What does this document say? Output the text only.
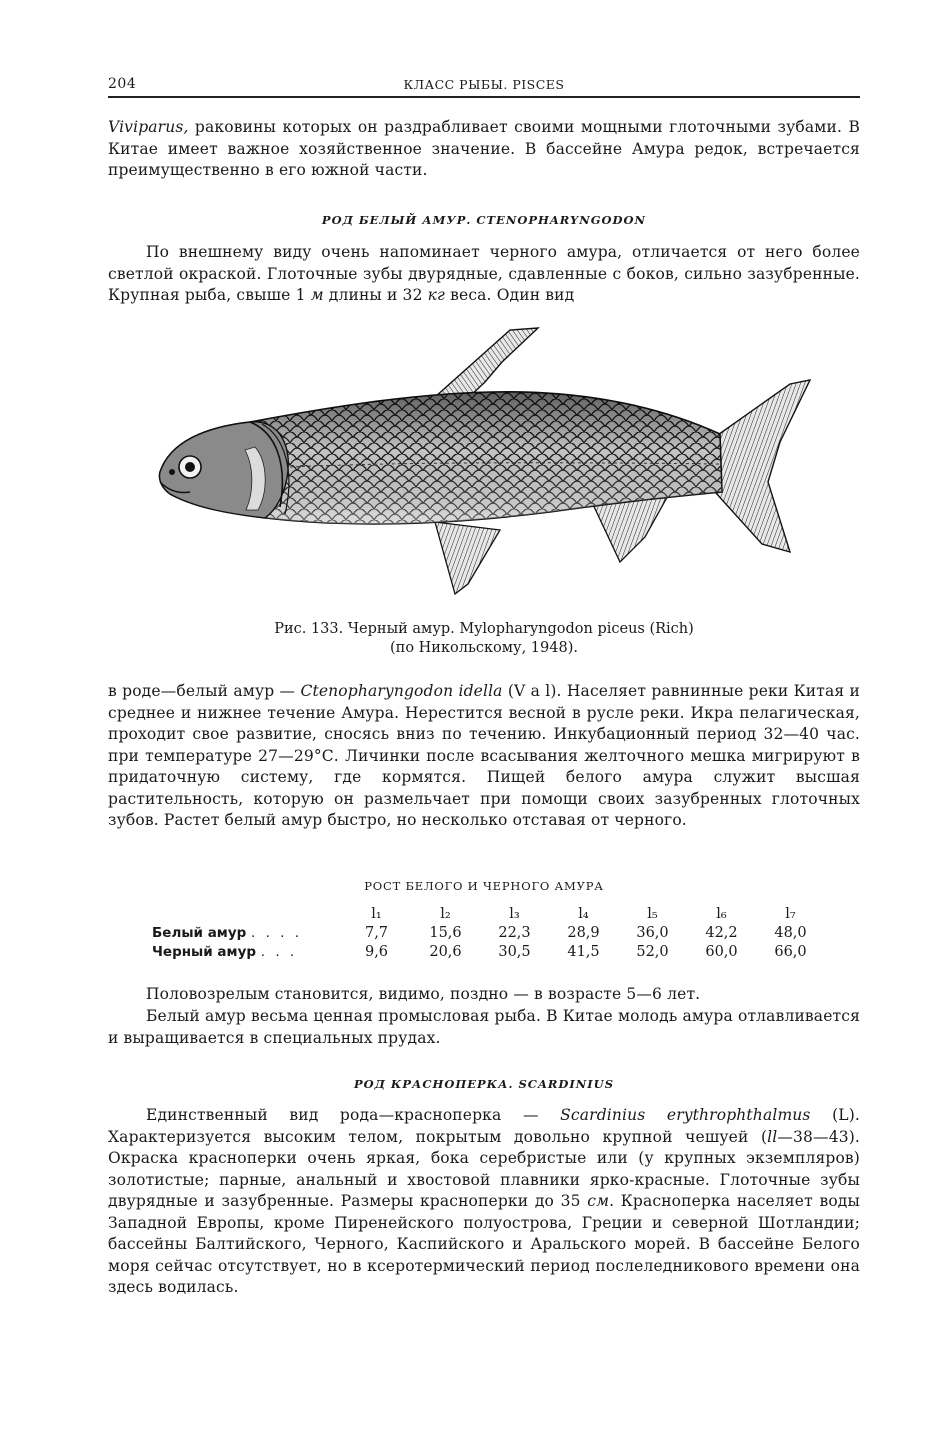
204	КЛАСС РЫБЫ. PISCES

Viviparus, раковины которых он раздрабливает своими мощными глоточными зубами. В Китае имеет важное хозяйственное значение. В бассейне Амура редок, встречается преимущественно в его южной части.

РОД БЕЛЫЙ АМУР. CTENOPHARYNGODON

По внешнему виду очень напоминает черного амура, отличается от него более светлой окраской. Глоточные зубы двурядные, сдавленные с боков, сильно зазубренные. Крупная рыба, свыше 1 м длины и 32 кг веса. Один вид

Рис. 133. Черный амур. Mylopharyngodon piceus (Rich)
(по Никольскому, 1948).

в роде—белый амур — Ctenopharyngodon idella (V a l). Населяет равнинные реки Китая и среднее и нижнее течение Амура. Нерестится весной в русле реки. Икра пелагическая, проходит свое развитие, сносясь вниз по течению. Инкубационный период 32—40 час. при температуре 27—29°С. Личинки после всасывания желточного мешка мигрируют в придаточную систему, где кормятся. Пищей белого амура служит высшая растительность, которую он размельчает при помощи своих зазубренных глоточных зубов. Растет белый амур быстро, но несколько отставая от черного.

РОСТ БЕЛОГО И ЧЕРНОГО АМУРА
	l₁	l₂	l₃	l₄	l₅	l₆	l₇
Белый амур . . . .	7,7	15,6	22,3	28,9	36,0	42,2	48,0
Черный амур . . .	9,6	20,6	30,5	41,5	52,0	60,0	66,0

Половозрелым становится, видимо, поздно — в возрасте 5—6 лет.

Белый амур весьма ценная промысловая рыба. В Китае молодь амура отлавливается и выращивается в специальных прудах.

РОД КРАСНОПЕРКА. SCARDINIUS

Единственный вид рода—красноперка — Scardinius erythrophthalmus (L). Характеризуется высоким телом, покрытым довольно крупной чешуей (ll—38—43). Окраска красноперки очень яркая, бока серебристые или (у крупных экземпляров) золотистые; парные, анальный и хвостовой плавники ярко-красные. Глоточные зубы двурядные и зазубренные. Размеры красноперки до 35 см. Красноперка населяет воды Западной Европы, кроме Пиренейского полуострова, Греции и северной Шотландии; бассейны Балтийского, Черного, Каспийского и Аральского морей. В бассейне Белого моря сейчас отсутствует, но в ксеротермический период послеледникового времени она здесь водилась.
